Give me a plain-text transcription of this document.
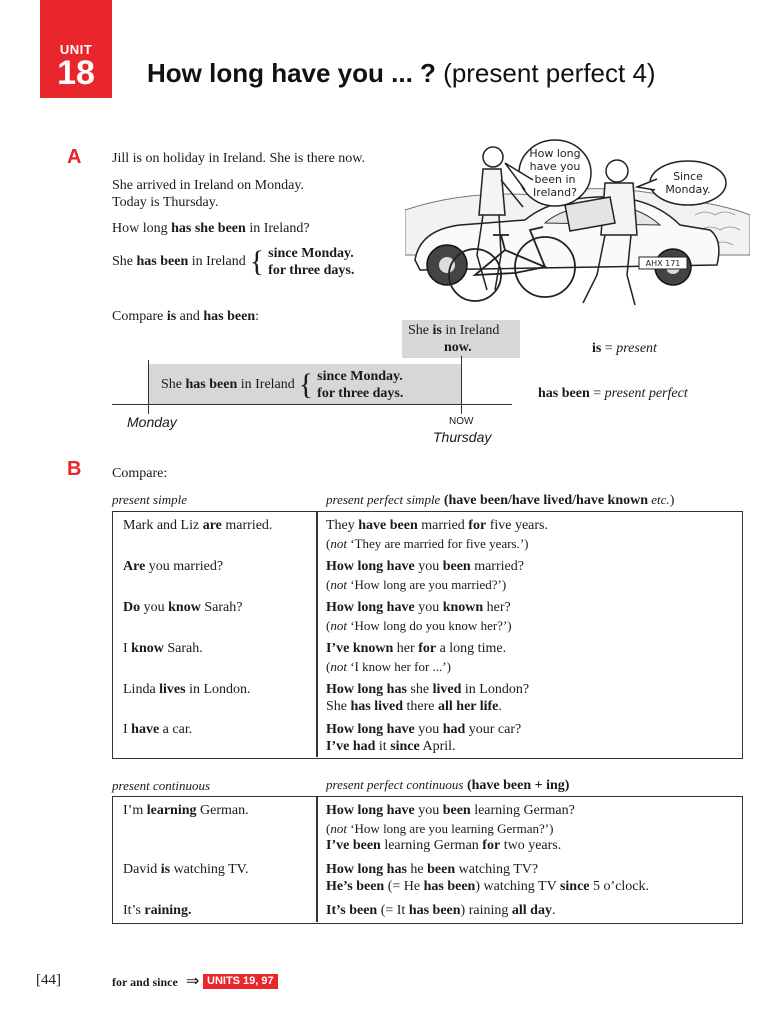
UNIT
18	How long have you ... ? (present perfect 4)
A Jill is on holiday in Ireland. She is there now.
She arrived in Ireland on Monday.
Today is Thursday.
How long has she been in Ireland?
She has been in Ireland { since Monday.
for three days.
Compare is and has been:
She is in Ireland
now.
She has been in Ireland { since Monday.
for three days.
Monday	NOW
Thursday
is = present
has been = present perfect
AHX 171
How long
have you
been in
Ireland?
Since
Monday.
B Compare:
present simple	present perfect simple (have been/have lived/have known etc.)
Mark and Liz are married.	They have been married for five years.
(not ‘They are married for five years.’)
Are you married?	How long have you been married?
(not ‘How long are you married?’)
Do you know Sarah?	How long have you known her?
(not ‘How long do you know her?’)
I know Sarah.	I’ve known her for a long time.
(not ‘I know her for ...’)
Linda lives in London.	How long has she lived in London?
She has lived there all her life.
I have a car.	How long have you had your car?
I’ve had it since April.
present continuous	present perfect continuous (have been + ing)
I’m learning German.	How long have you been learning German?
(not ‘How long are you learning German?’)
I’ve been learning German for two years.
David is watching TV.	How long has he been watching TV?
He’s been (= He has been) watching TV since 5 o’clock.
It’s raining.	It’s been (= It has been) raining all day.
[44]	for and since ⇒ UNITS 19, 97
